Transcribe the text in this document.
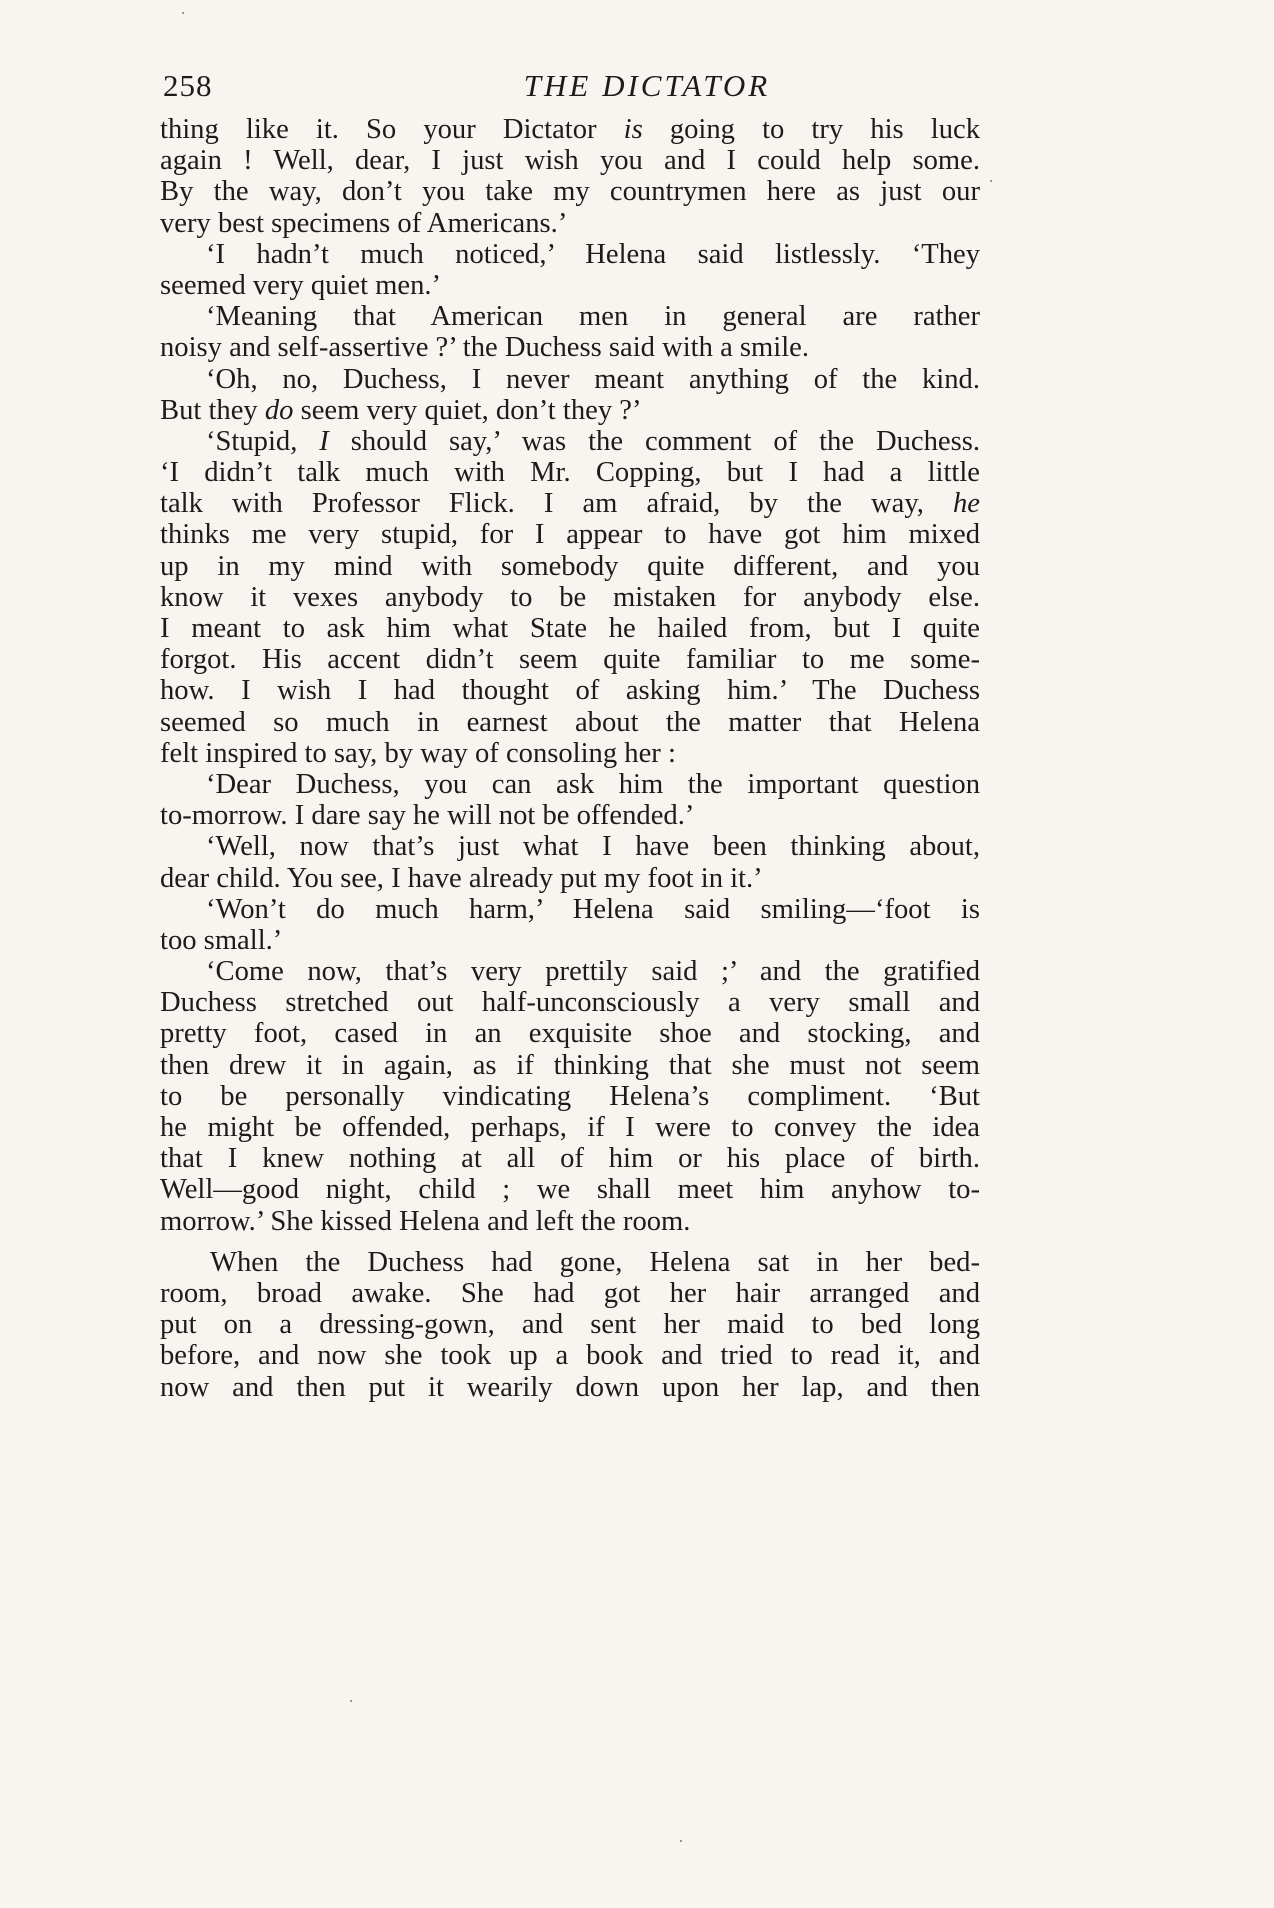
258	THE DICTATOR
thing like it. So your Dictator is going to try his luck
again ! Well, dear, I just wish you and I could help some.
By the way, don’t you take my countrymen here as just our
very best specimens of Americans.’
‘I hadn’t much noticed,’ Helena said listlessly. ‘They
seemed very quiet men.’
‘Meaning that American men in general are rather
noisy and self-assertive ?’ the Duchess said with a smile.
‘Oh, no, Duchess, I never meant anything of the kind.
But they do seem very quiet, don’t they ?’
‘Stupid, I should say,’ was the comment of the Duchess.
‘I didn’t talk much with Mr. Copping, but I had a little
talk with Professor Flick. I am afraid, by the way, he
thinks me very stupid, for I appear to have got him mixed
up in my mind with somebody quite different, and you
know it vexes anybody to be mistaken for anybody else.
I meant to ask him what State he hailed from, but I quite
forgot. His accent didn’t seem quite familiar to me some-
how. I wish I had thought of asking him.’ The Duchess
seemed so much in earnest about the matter that Helena
felt inspired to say, by way of consoling her :
‘Dear Duchess, you can ask him the important question
to-morrow. I dare say he will not be offended.’
‘Well, now that’s just what I have been thinking about,
dear child. You see, I have already put my foot in it.’
‘Won’t do much harm,’ Helena said smiling—‘foot is
too small.’
‘Come now, that’s very prettily said ;’ and the gratified
Duchess stretched out half-unconsciously a very small and
pretty foot, cased in an exquisite shoe and stocking, and
then drew it in again, as if thinking that she must not seem
to be personally vindicating Helena’s compliment. ‘But
he might be offended, perhaps, if I were to convey the idea
that I knew nothing at all of him or his place of birth.
Well—good night, child ; we shall meet him anyhow to-
morrow.’ She kissed Helena and left the room.
When the Duchess had gone, Helena sat in her bed-
room, broad awake. She had got her hair arranged and
put on a dressing-gown, and sent her maid to bed long
before, and now she took up a book and tried to read it, and
now and then put it wearily down upon her lap, and then
